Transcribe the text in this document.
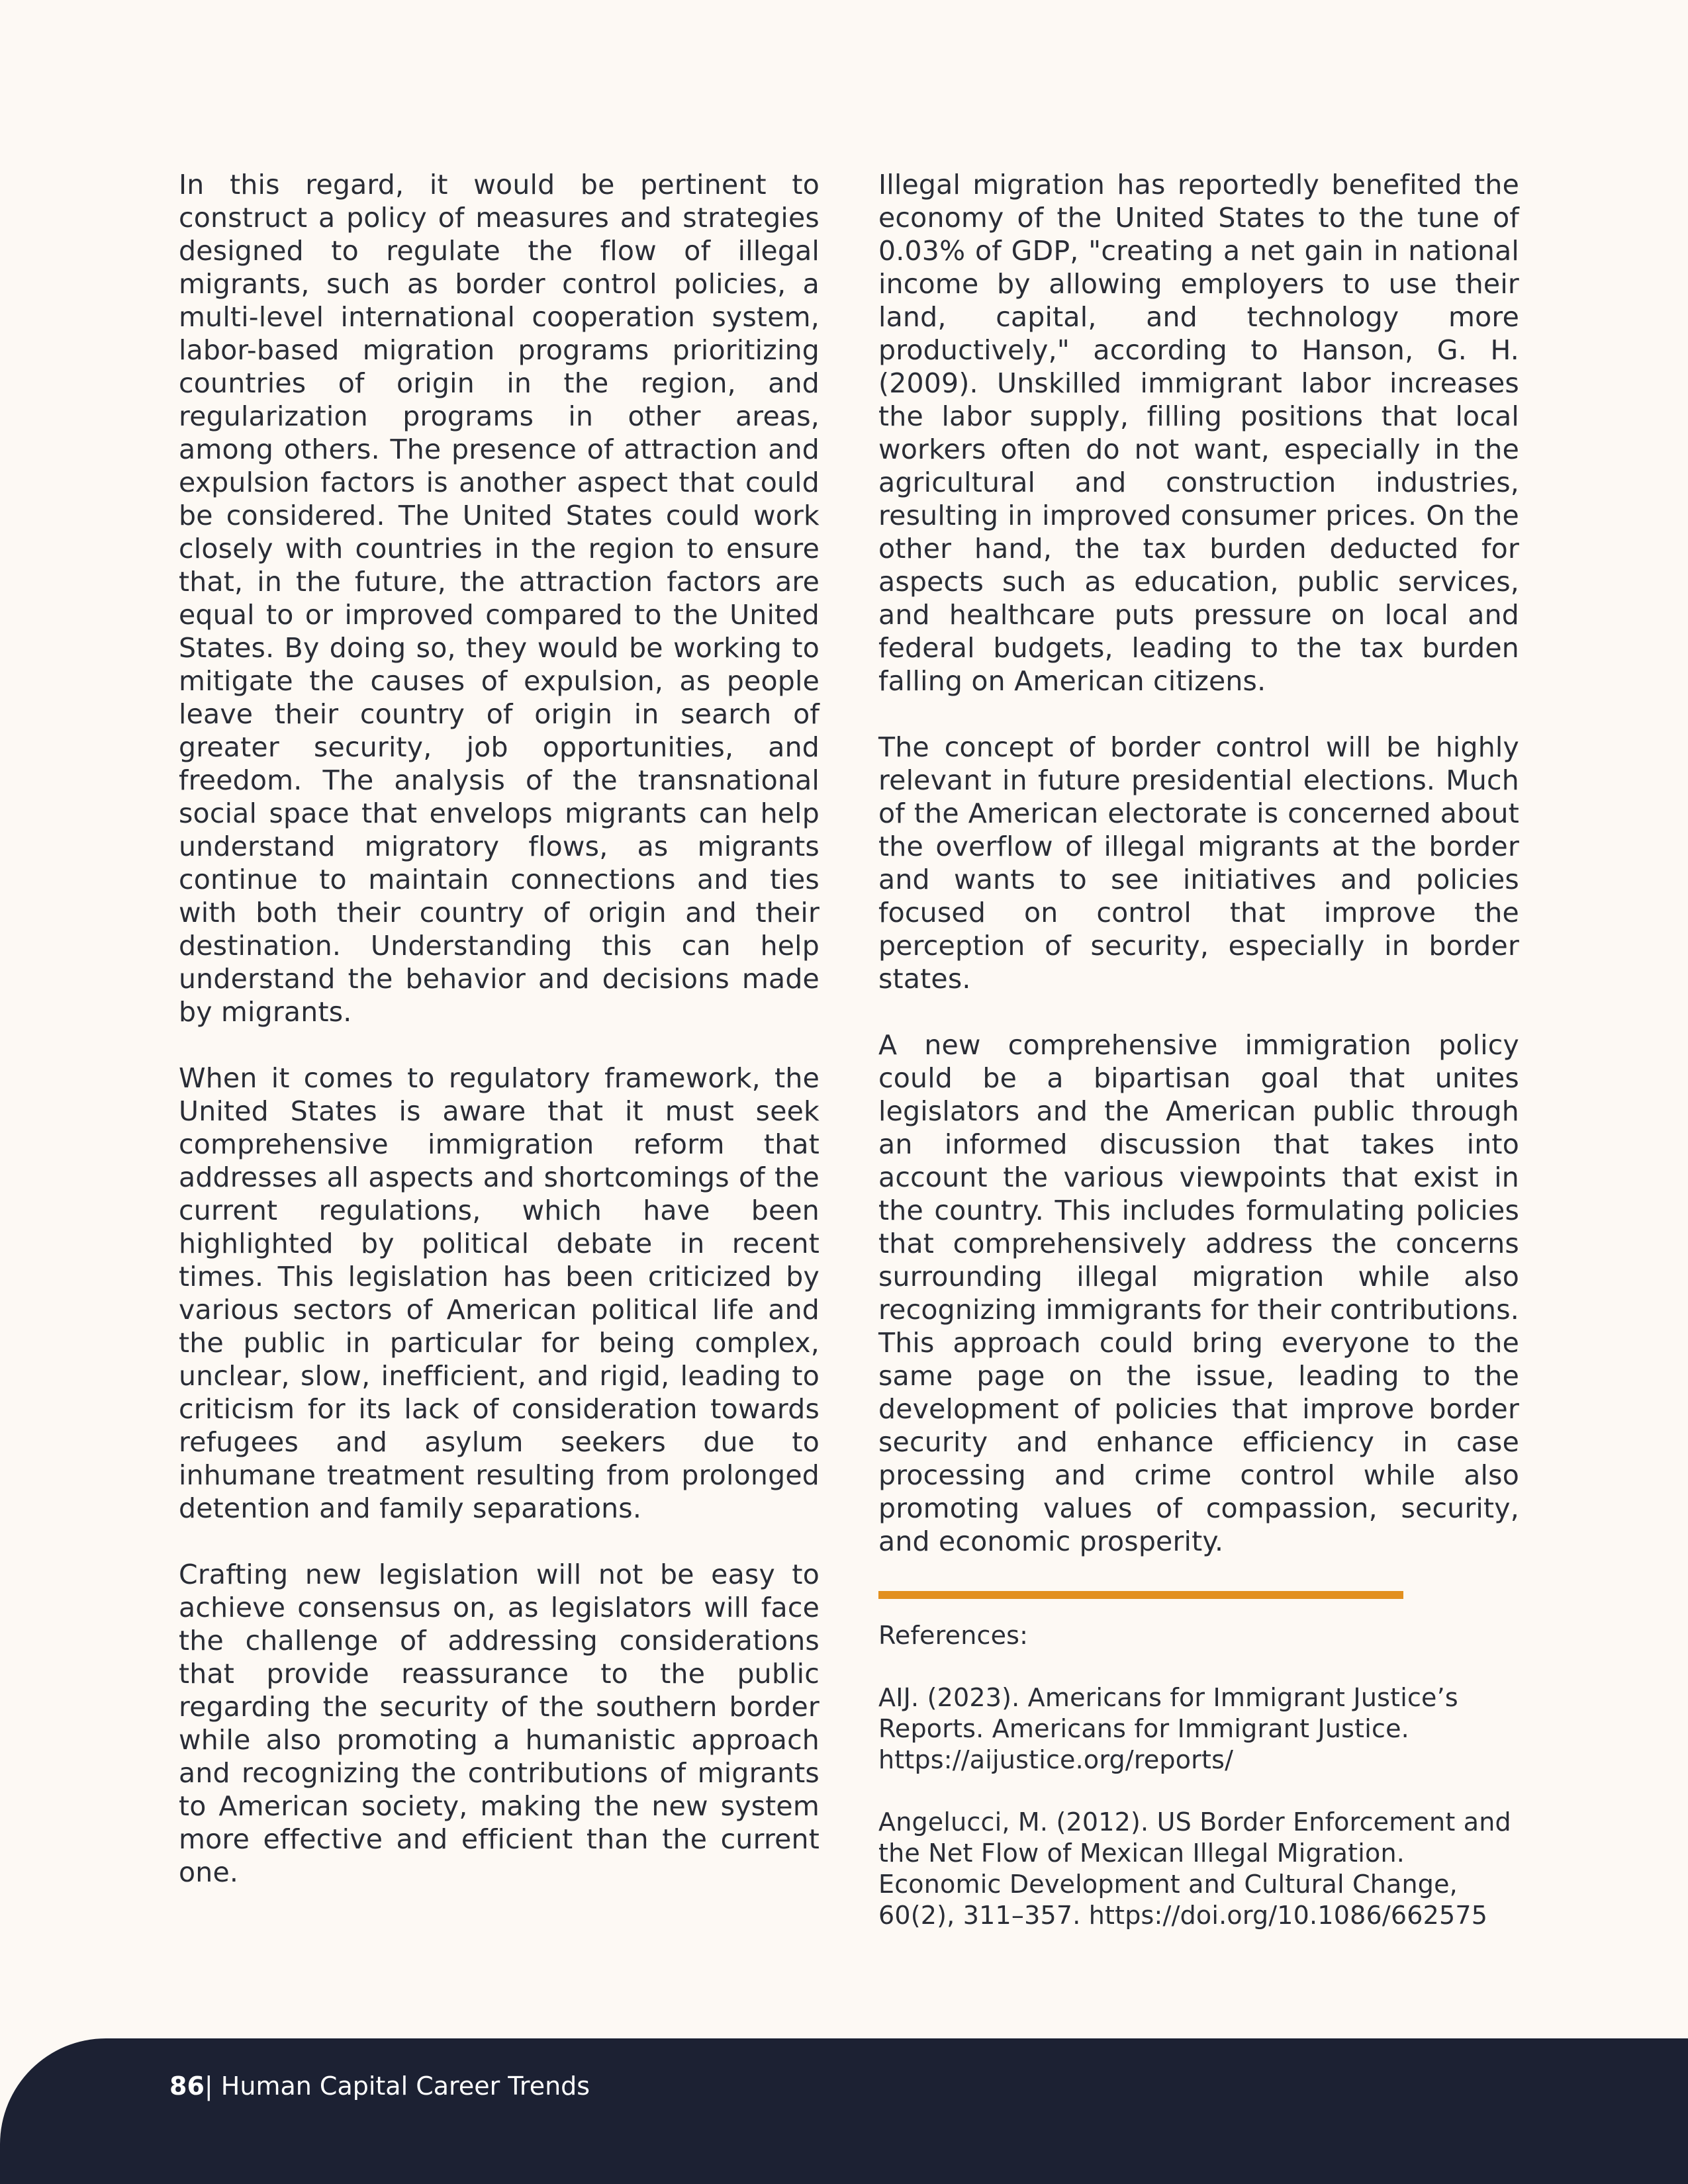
In this regard, it would be pertinent to construct a policy of measures and strategies designed to regulate the flow of illegal migrants, such as border control policies, a multi-level international cooperation system, labor-based migration programs prioritizing countries of origin in the region, and regularization programs in other areas, among others. The presence of attraction and expulsion factors is another aspect that could be considered. The United States could work closely with countries in the region to ensure that, in the future, the attraction factors are equal to or improved compared to the United States. By doing so, they would be working to mitigate the causes of expulsion, as people leave their country of origin in search of greater security, job opportunities, and freedom. The analysis of the transnational social space that envelops migrants can help understand migratory flows, as migrants continue to maintain connections and ties with both their country of origin and their destination. Understanding this can help understand the behavior and decisions made by migrants.

When it comes to regulatory framework, the United States is aware that it must seek comprehensive immigration reform that addresses all aspects and shortcomings of the current regulations, which have been highlighted by political debate in recent times. This legislation has been criticized by various sectors of American political life and the public in particular for being complex, unclear, slow, inefficient, and rigid, leading to criticism for its lack of consideration towards refugees and asylum seekers due to inhumane treatment resulting from prolonged detention and family separations.

Crafting new legislation will not be easy to achieve consensus on, as legislators will face the challenge of addressing considerations that provide reassurance to the public regarding the security of the southern border while also promoting a humanistic approach and recognizing the contributions of migrants to American society, making the new system more effective and efficient than the current one.

Illegal migration has reportedly benefited the economy of the United States to the tune of 0.03% of GDP, "creating a net gain in national income by allowing employers to use their land, capital, and technology more productively," according to Hanson, G. H. (2009). Unskilled immigrant labor increases the labor supply, filling positions that local workers often do not want, especially in the agricultural and construction industries, resulting in improved consumer prices. On the other hand, the tax burden deducted for aspects such as education, public services, and healthcare puts pressure on local and federal budgets, leading to the tax burden falling on American citizens.

The concept of border control will be highly relevant in future presidential elections. Much of the American electorate is concerned about the overflow of illegal migrants at the border and wants to see initiatives and policies focused on control that improve the perception of security, especially in border states.

A new comprehensive immigration policy could be a bipartisan goal that unites legislators and the American public through an informed discussion that takes into account the various viewpoints that exist in the country. This includes formulating policies that comprehensively address the concerns surrounding illegal migration while also recognizing immigrants for their contributions. This approach could bring everyone to the same page on the issue, leading to the development of policies that improve border security and enhance efficiency in case processing and crime control while also promoting values of compassion, security, and economic prosperity.

References:

AIJ. (2023). Americans for Immigrant Justice’s Reports. Americans for Immigrant Justice. https://aijustice.org/reports/

Angelucci, M. (2012). US Border Enforcement and the Net Flow of Mexican Illegal Migration. Economic Development and Cultural Change, 60(2), 311–357. https://doi.org/10.1086/662575

86| Human Capital Career Trends
